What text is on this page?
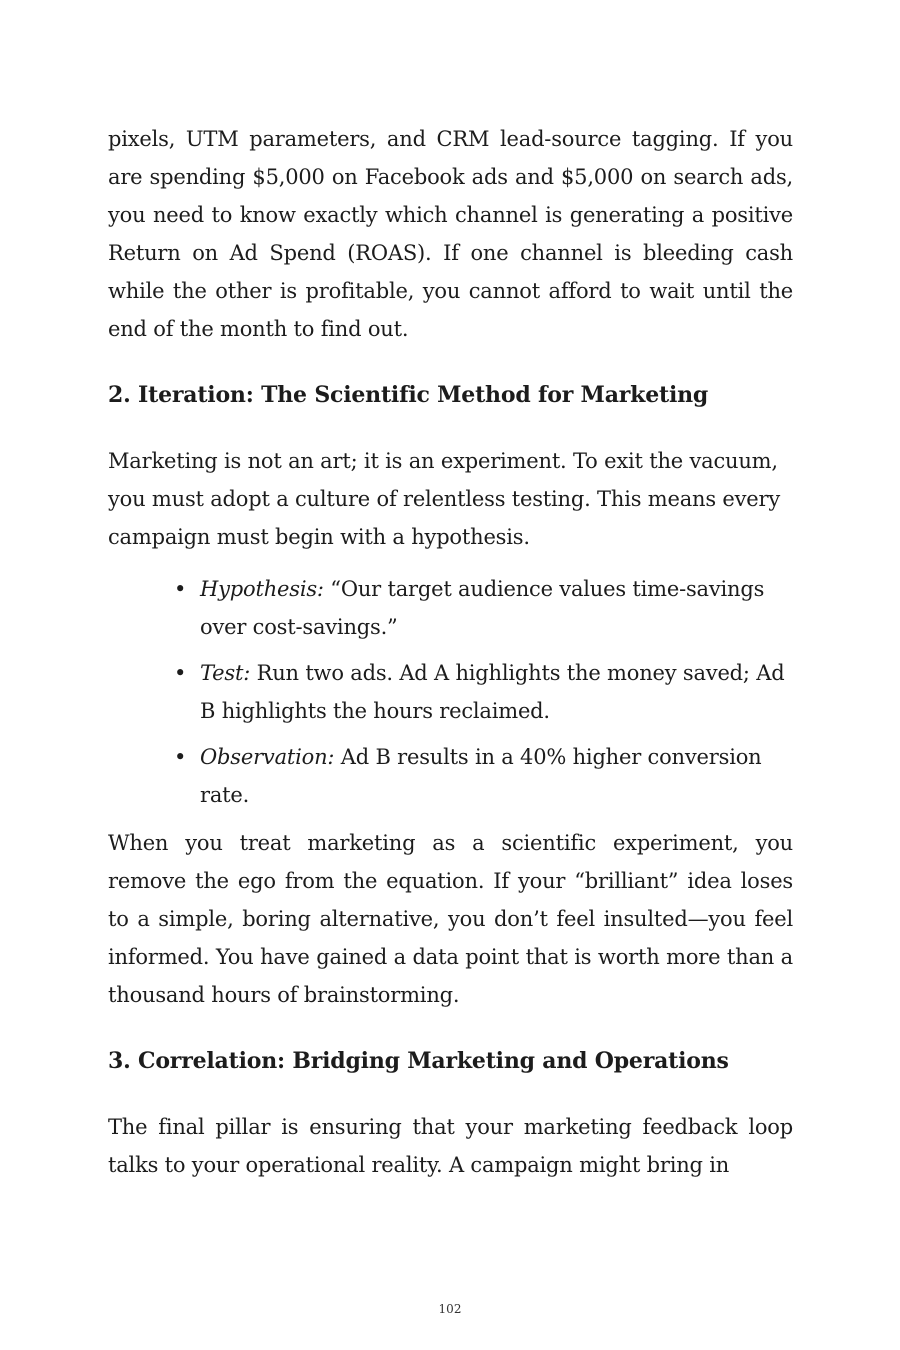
pixels, UTM parameters, and CRM lead-source tagging. If you are spending $5,000 on Facebook ads and $5,000 on search ads, you need to know exactly which channel is generating a positive Return on Ad Spend (ROAS). If one channel is bleeding cash while the other is profitable, you cannot afford to wait until the end of the month to find out.

2. Iteration: The Scientific Method for Marketing

Marketing is not an art; it is an experiment. To exit the vacuum, you must adopt a culture of relentless testing. This means every campaign must begin with a hypothesis.

• Hypothesis: “Our target audience values time-savings over cost-savings.”
• Test: Run two ads. Ad A highlights the money saved; Ad B highlights the hours reclaimed.
• Observation: Ad B results in a 40% higher conversion rate.

When you treat marketing as a scientific experiment, you remove the ego from the equation. If your “brilliant” idea loses to a simple, boring alternative, you don’t feel insulted—you feel informed. You have gained a data point that is worth more than a thousand hours of brainstorming.

3. Correlation: Bridging Marketing and Operations

The final pillar is ensuring that your marketing feedback loop talks to your operational reality. A campaign might bring in

102
